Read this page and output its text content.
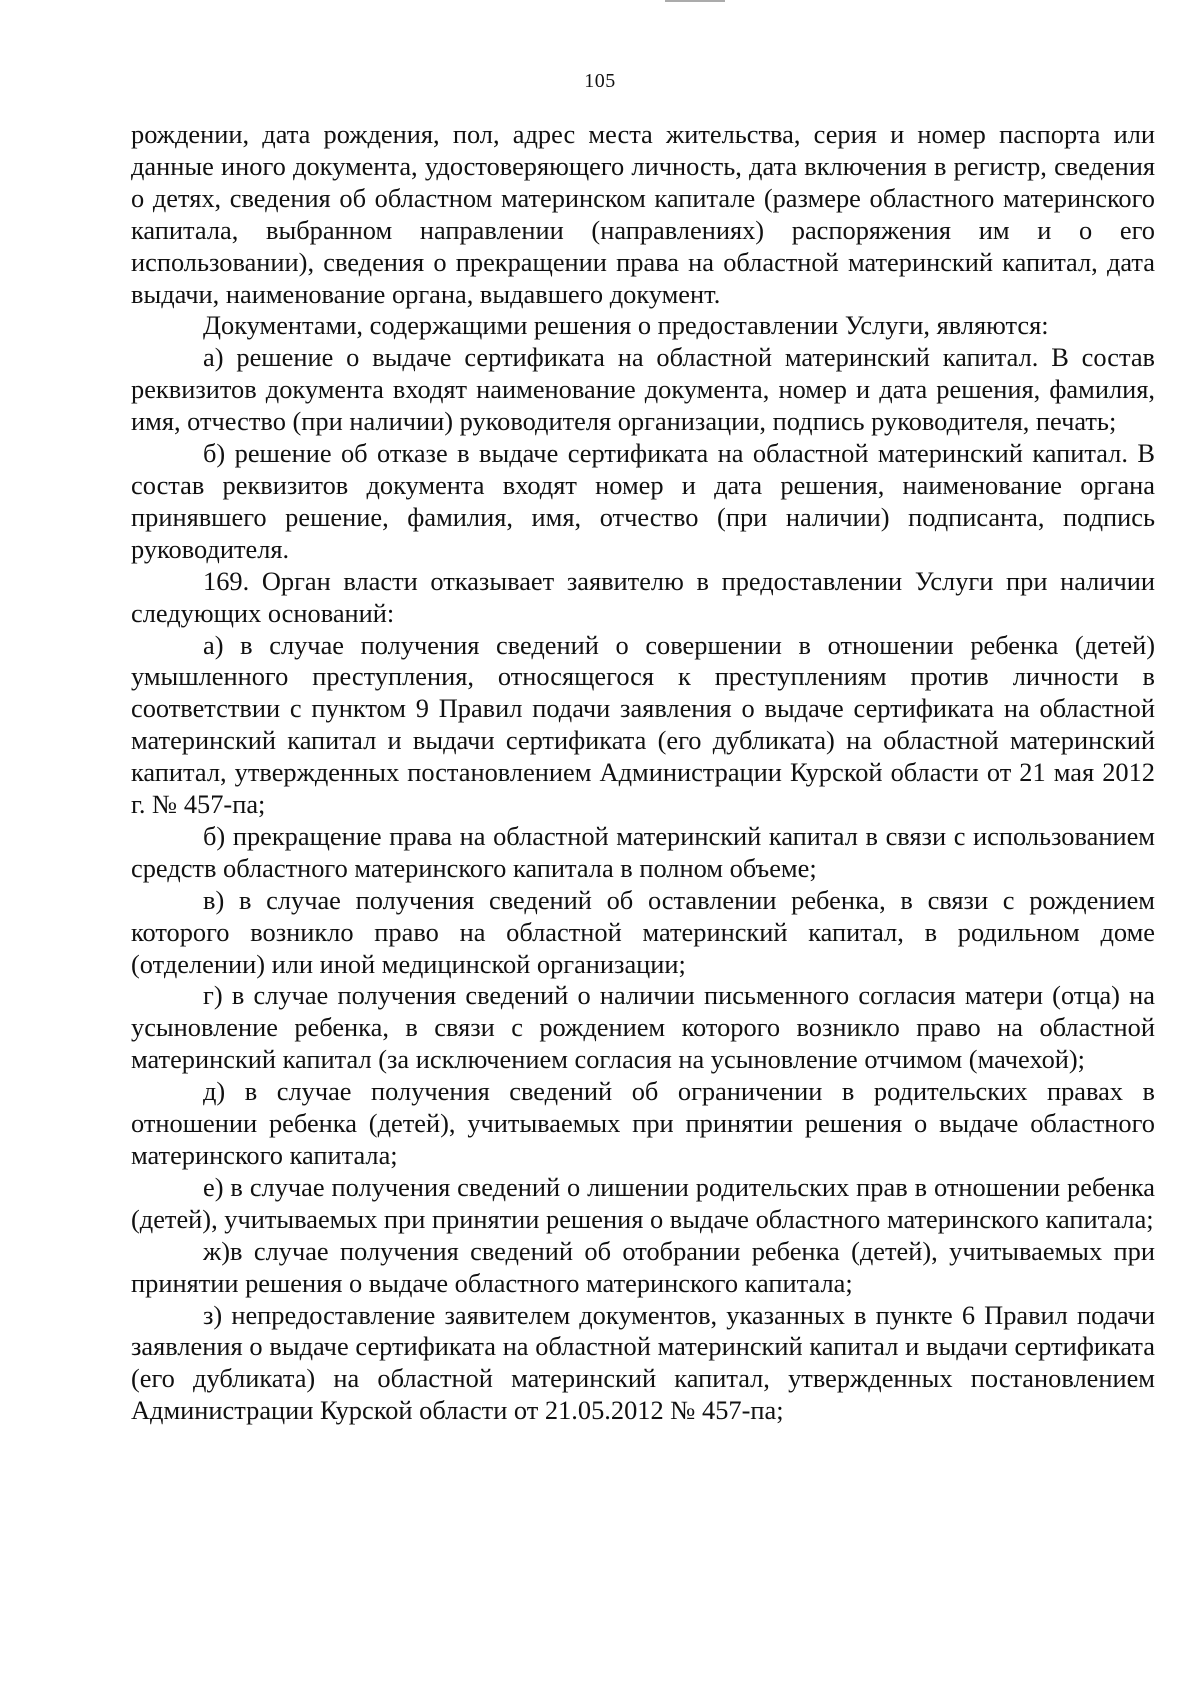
105

рождении, дата рождения, пол, адрес места жительства, серия и номер паспорта или данные иного документа, удостоверяющего личность, дата включения в регистр, сведения о детях, сведения об областном материнском капитале (размере областного материнского капитала, выбранном направлении (направлениях) распоряжения им и о его использовании), сведения о прекращении права на областной материнский капитал, дата выдачи, наименование органа, выдавшего документ.

Документами, содержащими решения о предоставлении Услуги, являются:

а) решение о выдаче сертификата на областной материнский капитал. В состав реквизитов документа входят наименование документа, номер и дата решения, фамилия, имя, отчество (при наличии) руководителя организации, подпись руководителя, печать;

б) решение об отказе в выдаче сертификата на областной материнский капитал. В состав реквизитов документа входят номер и дата решения, наименование органа принявшего решение, фамилия, имя, отчество (при наличии) подписанта, подпись руководителя.

169. Орган власти отказывает заявителю в предоставлении Услуги при наличии следующих оснований:

а) в случае получения сведений о совершении в отношении ребенка (детей) умышленного преступления, относящегося к преступлениям против личности в соответствии с пунктом 9 Правил подачи заявления о выдаче сертификата на областной материнский капитал и выдачи сертификата (его дубликата) на областной материнский капитал, утвержденных постановлением Администрации Курской области от 21 мая 2012 г. № 457-па;

б) прекращение права на областной материнский капитал в связи с использованием средств областного материнского капитала в полном объеме;

в) в случае получения сведений об оставлении ребенка, в связи с рождением которого возникло право на областной материнский капитал, в родильном доме (отделении) или иной медицинской организации;

г) в случае получения сведений о наличии письменного согласия матери (отца) на усыновление ребенка, в связи с рождением которого возникло право на областной материнский капитал (за исключением согласия на усыновление отчимом (мачехой);

д) в случае получения сведений об ограничении в родительских правах в отношении ребенка (детей), учитываемых при принятии решения о выдаче областного материнского капитала;

е) в случае получения сведений о лишении родительских прав в отношении ребенка (детей), учитываемых при принятии решения о выдаче областного материнского капитала;

ж)в случае получения сведений об отобрании ребенка (детей), учитываемых при принятии решения о выдаче областного материнского капитала;

з) непредоставление заявителем документов, указанных в пункте 6 Правил подачи заявления о выдаче сертификата на областной материнский капитал и выдачи сертификата (его дубликата) на областной материнский капитал, утвержденных постановлением Администрации Курской области от 21.05.2012 № 457-па;
